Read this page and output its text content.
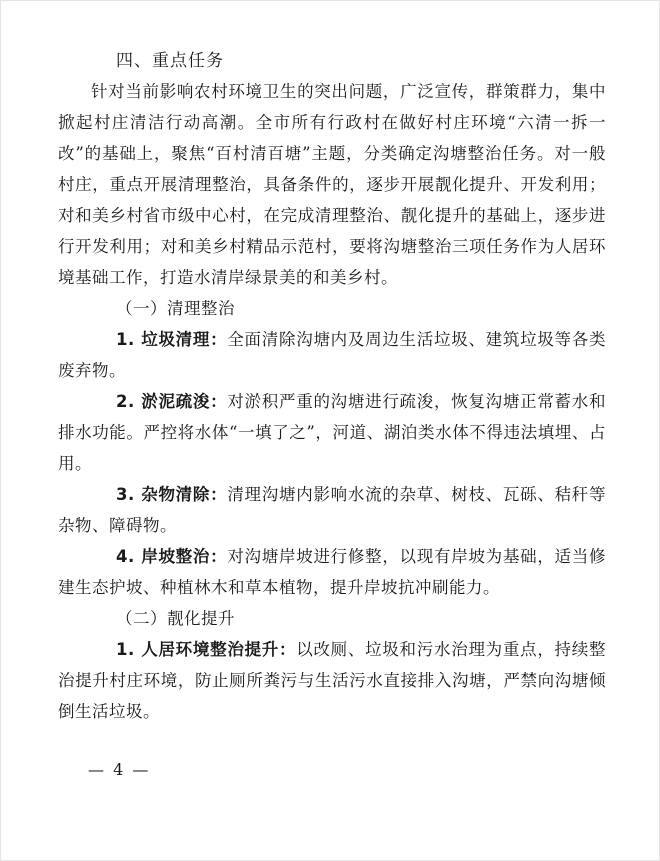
四、重点任务

针对当前影响农村环境卫生的突出问题，广泛宣传，群策群力，集中掀起村庄清洁行动高潮。全市所有行政村在做好村庄环境“六清一拆一改”的基础上，聚焦“百村清百塘”主题，分类确定沟塘整治任务。对一般村庄，重点开展清理整治，具备条件的，逐步开展靓化提升、开发利用；对和美乡村省市级中心村，在完成清理整治、靓化提升的基础上，逐步进行开发利用；对和美乡村精品示范村，要将沟塘整治三项任务作为人居环境基础工作，打造水清岸绿景美的和美乡村。

（一）清理整治

1. 垃圾清理：全面清除沟塘内及周边生活垃圾、建筑垃圾等各类废弃物。

2. 淤泥疏浚：对淤积严重的沟塘进行疏浚，恢复沟塘正常蓄水和排水功能。严控将水体“一填了之”，河道、湖泊类水体不得违法填埋、占用。

3. 杂物清除：清理沟塘内影响水流的杂草、树枝、瓦砾、秸秆等杂物、障碍物。

4. 岸坡整治：对沟塘岸坡进行修整，以现有岸坡为基础，适当修建生态护坡、种植林木和草本植物，提升岸坡抗冲刷能力。

（二）靓化提升

1. 人居环境整治提升：以改厕、垃圾和污水治理为重点，持续整治提升村庄环境，防止厕所粪污与生活污水直接排入沟塘，严禁向沟塘倾倒生活垃圾。

— 4 —
